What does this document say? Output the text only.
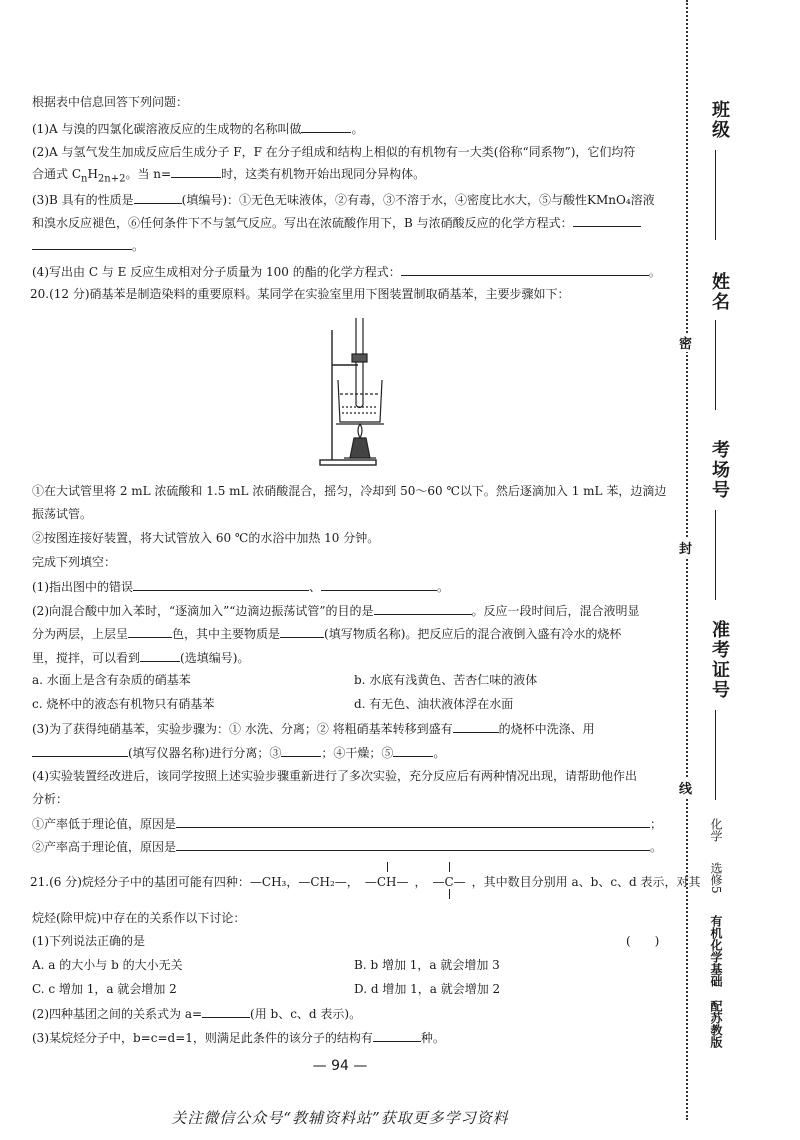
根据表中信息回答下列问题：
(1)A 与溴的四氯化碳溶液反应的生成物的名称叫做	。
(2)A 与氢气发生加成反应后生成分子 F，F 在分子组成和结构上相似的有机物有一大类(俗称“同系物”)，它们均符
合通式 $C_nH_{2n+2}$。当 n=	时，这类有机物开始出现同分异构体。
(3)B 具有的性质是	(填编号)：①无色无味液体，②有毒，③不溶于水，④密度比水大，⑤与酸性KMnO₄溶液
和溴水反应褪色，⑥任何条件下不与氢气反应。写出在浓硫酸作用下，B 与浓硝酸反应的化学方程式：
。
(4)写出由 C 与 E 反应生成相对分子质量为 100 的酯的化学方程式：	。
20.(12 分)硝基苯是制造染料的重要原料。某同学在实验室里用下图装置制取硝基苯，主要步骤如下：
①在大试管里将 2 mL 浓硫酸和 1.5 mL 浓硝酸混合，摇匀，冷却到 50～60 ℃以下。然后逐滴加入 1 mL 苯，边滴边
振荡试管。
②按图连接好装置，将大试管放入 60 ℃的水浴中加热 10 分钟。
完成下列填空：
(1)指出图中的错误	、	。
(2)向混合酸中加入苯时，“逐滴加入”“边滴边振荡试管”的目的是	。反应一段时间后，混合液明显
分为两层，上层呈	色，其中主要物质是	(填写物质名称)。把反应后的混合液倒入盛有冷水的烧杯
里，搅拌，可以看到	(选填编号)。
a. 水面上是含有杂质的硝基苯	b. 水底有浅黄色、苦杏仁味的液体
c. 烧杯中的液态有机物只有硝基苯	d. 有无色、油状液体浮在水面
(3)为了获得纯硝基苯，实验步骤为：① 水洗、分离；② 将粗硝基苯转移到盛有	的烧杯中洗涤、用
(填写仪器名称)进行分离；③	；④干燥；⑤	。
(4)实验装置经改进后，该同学按照上述实验步骤重新进行了多次实验，充分反应后有两种情况出现，请帮助他作出
分析：
①产率低于理论值，原因是	；
②产率高于理论值，原因是	。
21.(6 分)烷烃分子中的基团可能有四种：—CH₃，—CH₂—， —CH— ， —C— ，其中数目分别用 a、b、c、d 表示，对其
烷烃(除甲烷)中存在的关系作以下讨论：
(1)下列说法正确的是	(　　)
A. a 的大小与 b 的大小无关	B. b 增加 1，a 就会增加 3
C. c 增加 1，a 就会增加 2	D. d 增加 1，a 就会增加 2
(2)四种基团之间的关系式为 a=	(用 b、c、d 表示)。
(3)某烷烃分子中，b=c=d=1，则满足此条件的该分子的结构有	种。
— 94 —
关注微信公众号“教辅资料站”获取更多学习资料
密
封
线
班级
姓名
考场号
准考证号
化学
选修5
有机化学基础
配苏教版
